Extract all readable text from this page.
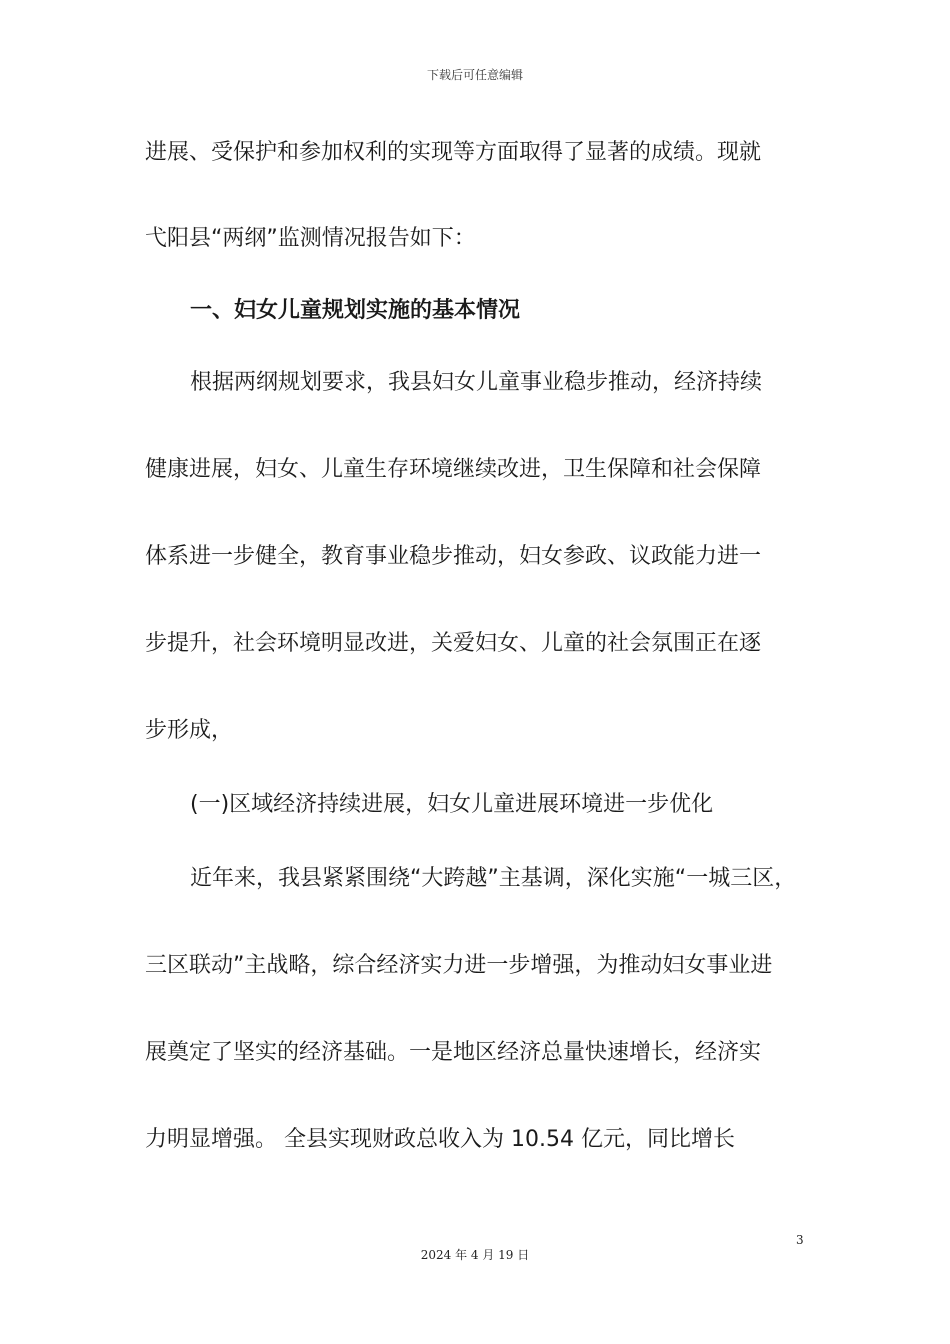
下载后可任意编辑
进展、受保护和参加权利的实现等方面取得了显著的成绩。现就
弋阳县“两纲”监测情况报告如下：
一、妇女儿童规划实施的基本情况
根据两纲规划要求，我县妇女儿童事业稳步推动，经济持续
健康进展，妇女、儿童生存环境继续改进，卫生保障和社会保障
体系进一步健全，教育事业稳步推动，妇女参政、议政能力进一
步提升，社会环境明显改进，关爱妇女、儿童的社会氛围正在逐
步形成，
(一)区域经济持续进展，妇女儿童进展环境进一步优化
近年来，我县紧紧围绕“大跨越”主基调，深化实施“一城三区，
三区联动”主战略，综合经济实力进一步增强，为推动妇女事业进
展奠定了坚实的经济基础。一是地区经济总量快速增长，经济实
力明显增强。 全县实现财政总收入为 10.54 亿元，同比增长
3
2024 年 4 月 19 日
